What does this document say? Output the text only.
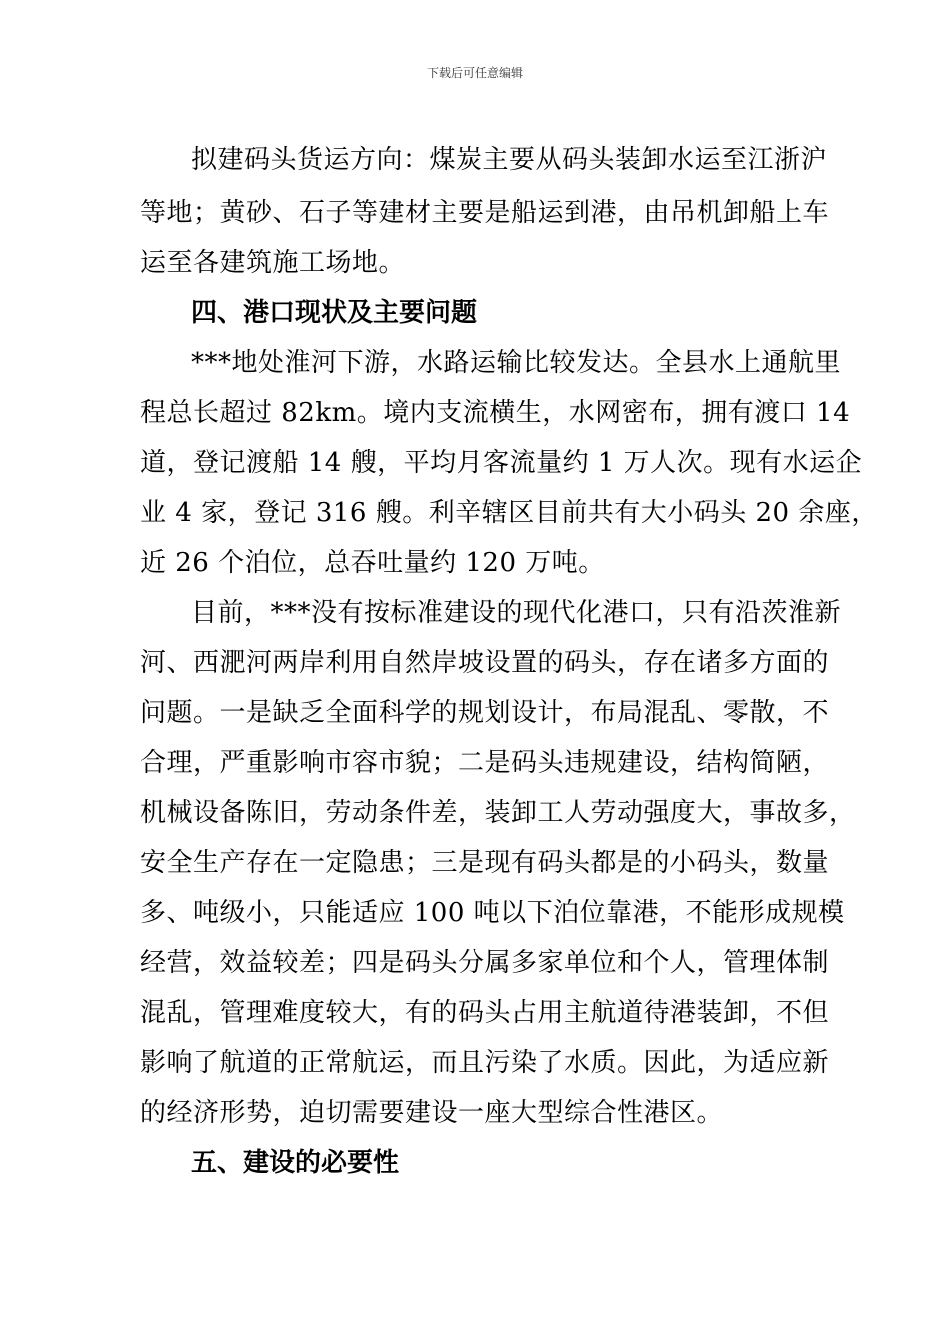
下载后可任意编辑
拟建码头货运方向：煤炭主要从码头装卸水运至江浙沪
等地；黄砂、石子等建材主要是船运到港，由吊机卸船上车
运至各建筑施工场地。
四、港口现状及主要问题
***地处淮河下游，水路运输比较发达。全县水上通航里
程总长超过 82km。境内支流横生，水网密布，拥有渡口 14
道，登记渡船 14 艘，平均月客流量约 1 万人次。现有水运企
业 4 家，登记 316 艘。利辛辖区目前共有大小码头 20 余座，
近 26 个泊位，总吞吐量约 120 万吨。
目前，***没有按标准建设的现代化港口，只有沿茨淮新
河、西淝河两岸利用自然岸坡设置的码头，存在诸多方面的
问题。一是缺乏全面科学的规划设计，布局混乱、零散，不
合理，严重影响市容市貌；二是码头违规建设，结构简陋，
机械设备陈旧，劳动条件差，装卸工人劳动强度大，事故多，
安全生产存在一定隐患；三是现有码头都是的小码头，数量
多、吨级小，只能适应 100 吨以下泊位靠港，不能形成规模
经营，效益较差；四是码头分属多家单位和个人，管理体制
混乱，管理难度较大，有的码头占用主航道待港装卸，不但
影响了航道的正常航运，而且污染了水质。因此，为适应新
的经济形势，迫切需要建设一座大型综合性港区。
五、建设的必要性
